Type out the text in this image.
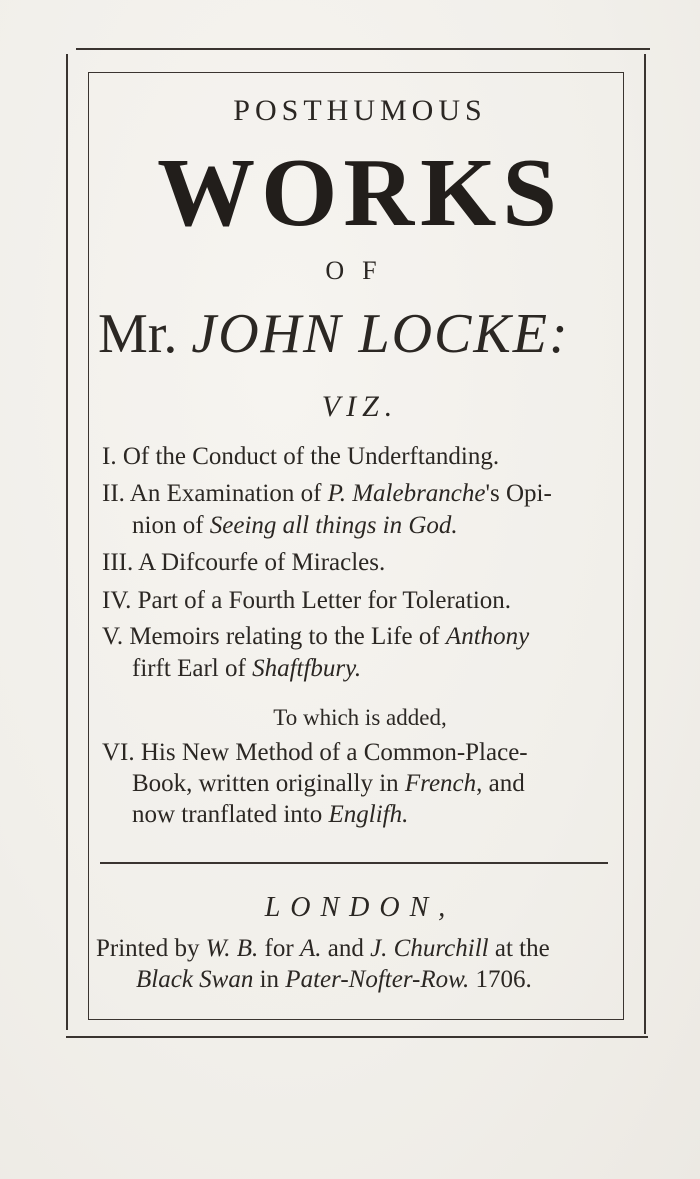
POSTHUMOUS
WORKS
OF
Mr. JOHN LOCKE:
VIZ.
I. Of the Conduct of the Underftanding.
II. An Examination of P. Malebranche's Opi-
nion of Seeing all things in God.
III. A Difcourfe of Miracles.
IV. Part of a Fourth Letter for Toleration.
V. Memoirs relating to the Life of Anthony
firft Earl of Shaftfbury.
To which is added,
VI. His New Method of a Common-Place-
Book, written originally in French, and
now tranflated into Englifh.
LONDON,
Printed by W. B. for A. and J. Churchill at the
Black Swan in Pater-Nofter-Row. 1706.
